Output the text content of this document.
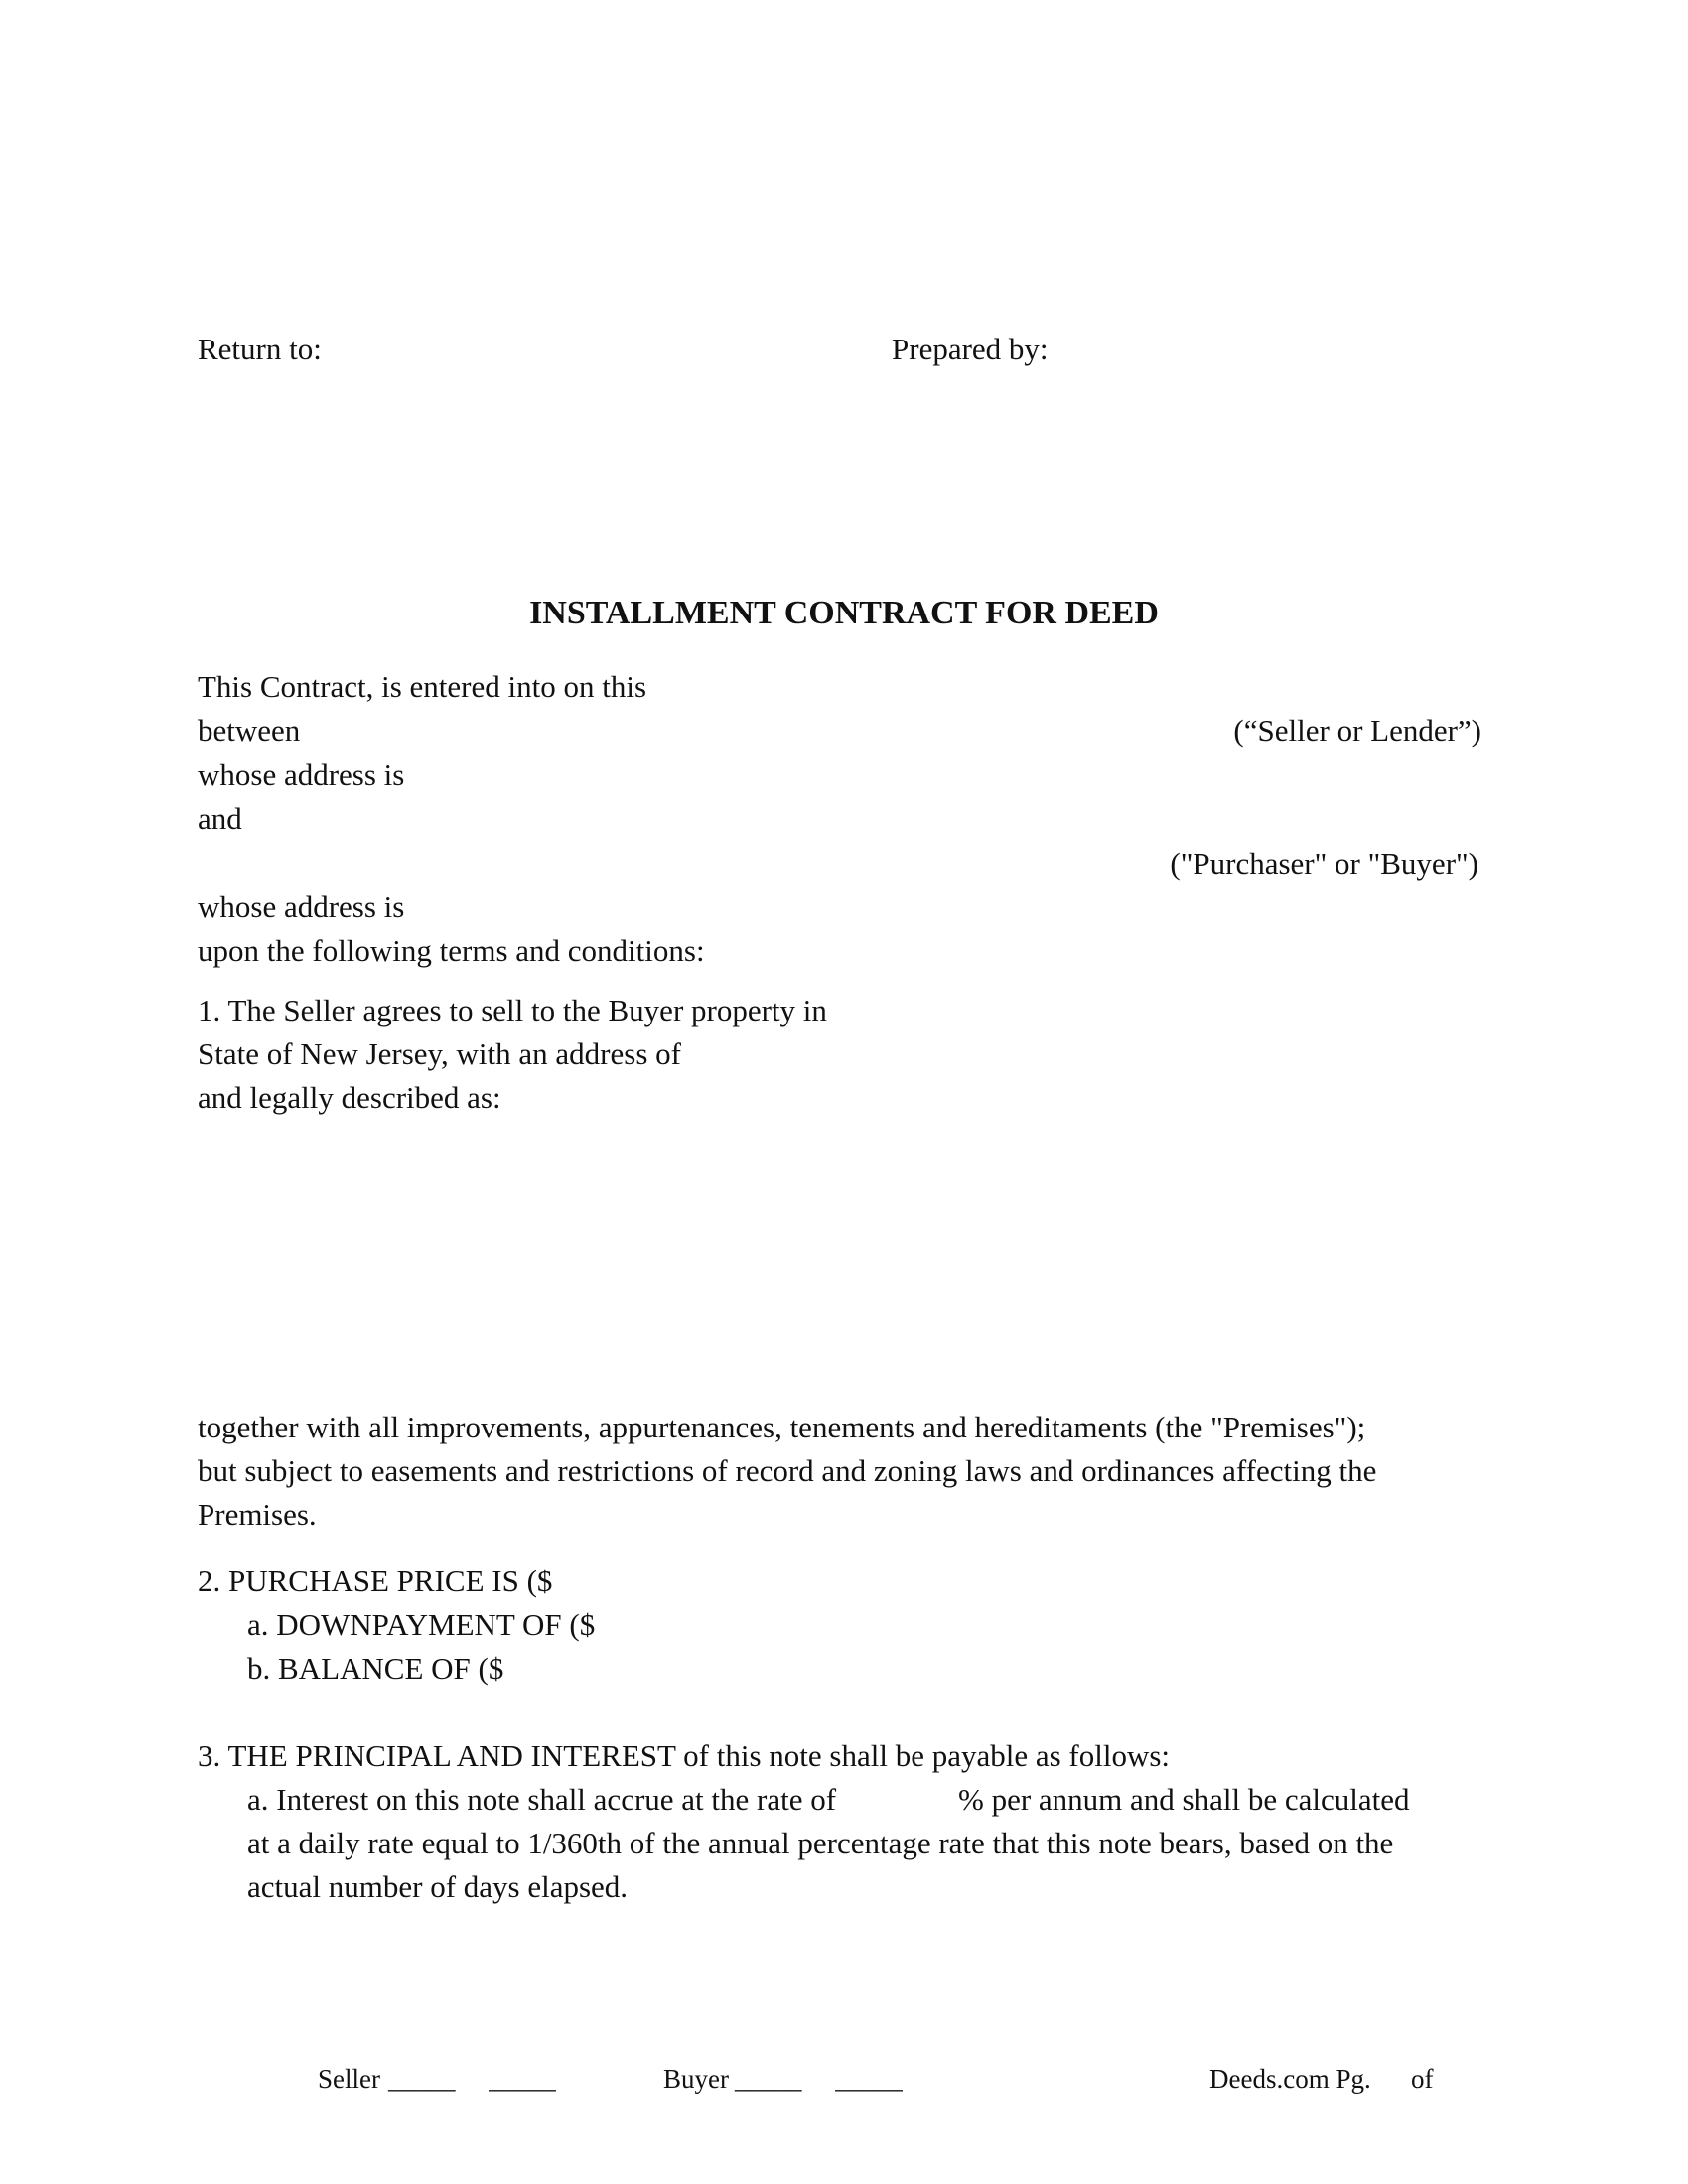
Return to:	Prepared by:
INSTALLMENT CONTRACT FOR DEED
This Contract, is entered into on this
between	(“Seller or Lender”)
whose address is
and
("Purchaser" or "Buyer")
whose address is
upon the following terms and conditions:
1. The Seller agrees to sell to the Buyer property in
State of New Jersey, with an address of
and legally described as:
together with all improvements, appurtenances, tenements and hereditaments (the "Premises");
but subject to easements and restrictions of record and zoning laws and ordinances affecting the
Premises.
2. PURCHASE PRICE IS ($
a. DOWNPAYMENT OF ($
b. BALANCE OF ($
3. THE PRINCIPAL AND INTEREST of this note shall be payable as follows:
a. Interest on this note shall accrue at the rate of	% per annum and shall be calculated
at a daily rate equal to 1/360th of the annual percentage rate that this note bears, based on the
actual number of days elapsed.
Seller _____     _____	Buyer _____     _____	Deeds.com Pg. of
